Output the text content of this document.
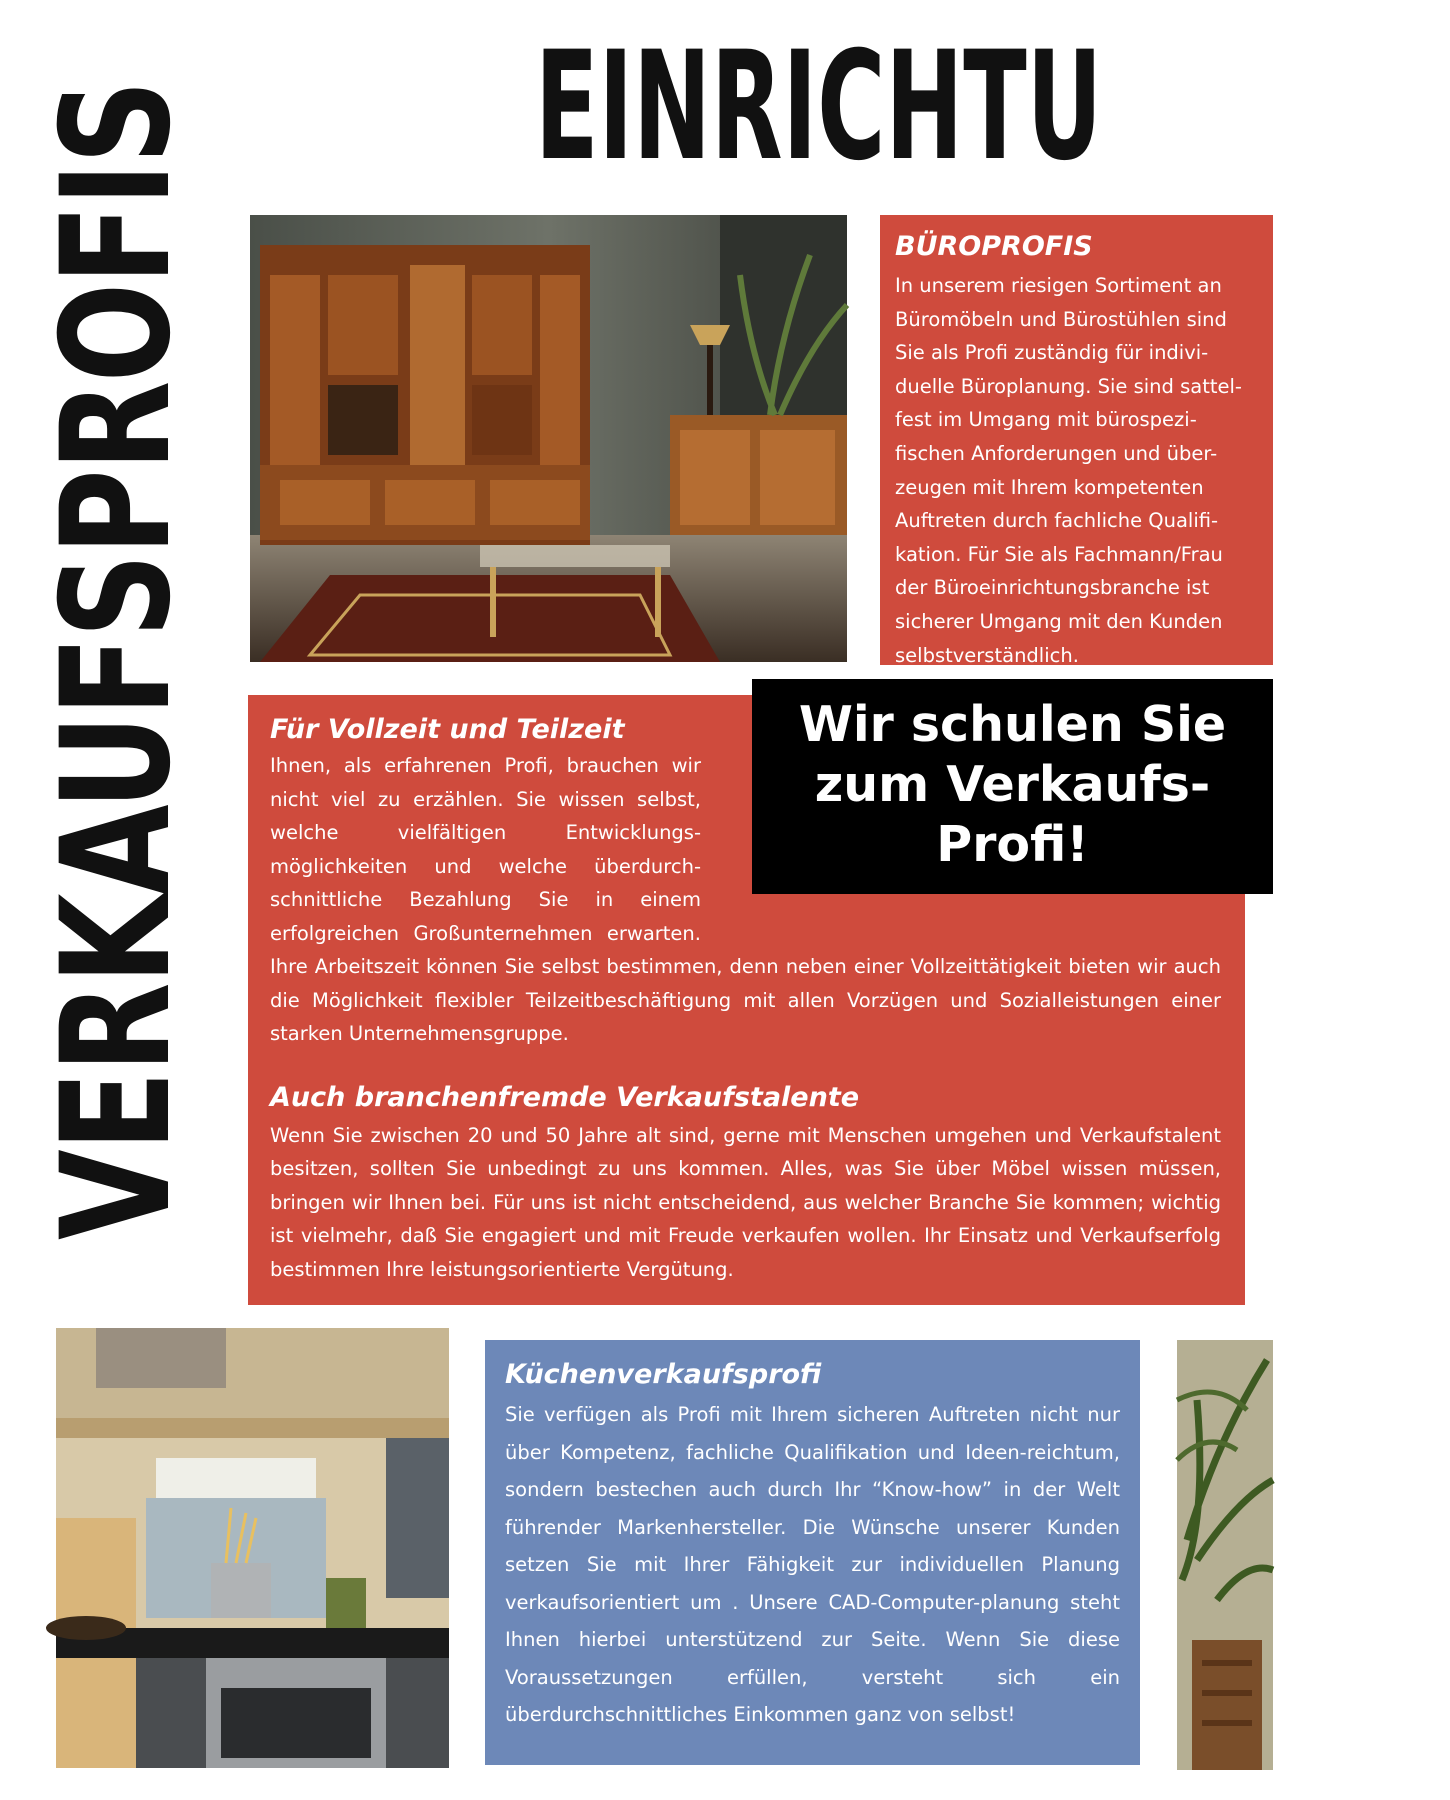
VERKAUFSPROFIS EINRICHTU
BÜROPROFIS

In unserem riesigen Sortiment an

Büromöbeln und Bürostühlen sind

Sie als Profi zuständig für indivi-

duelle Büroplanung. Sie sind sattel-

fest im Umgang mit bürospezi-

fischen Anforderungen und über-

zeugen mit Ihrem kompetenten

Auftreten durch fachliche Qualifi-

kation. Für Sie als Fachmann/Frau

der Büroeinrichtungsbranche ist

sicherer Umgang mit den Kunden

selbstverständlich.

Für Vollzeit und Teilzeit

Ihnen, als erfahrenen Profi, brauchen wir nicht viel zu erzählen. Sie wissen selbst, welche vielfältigen Entwicklungs-möglichkeiten und welche überdurch-schnittliche Bezahlung Sie in einem erfolgreichen Großunternehmen erwarten. Ihre Arbeitszeit können Sie selbst bestimmen, denn neben einer Vollzeittätigkeit bieten wir auch die Möglichkeit flexibler Teilzeitbeschäftigung mit allen Vorzügen und Sozialleistungen einer starken Unternehmensgruppe.

Auch branchenfremde Verkaufstalente

Wenn Sie zwischen 20 und 50 Jahre alt sind, gerne mit Menschen umgehen und Verkaufstalent besitzen, sollten Sie unbedingt zu uns kommen. Alles, was Sie über Möbel wissen müssen, bringen wir Ihnen bei. Für uns ist nicht entscheidend, aus welcher Branche Sie kommen; wichtig ist vielmehr, daß Sie engagiert und mit Freude verkaufen wollen. Ihr Einsatz und Verkaufserfolg bestimmen Ihre leistungsorientierte Vergütung.

Wir schulen Sie
zum Verkaufs-
Profi!
Küchenverkaufsprofi

Sie verfügen als Profi mit Ihrem sicheren Auftreten nicht nur über Kompetenz, fachliche Qualifikation und Ideen-reichtum, sondern bestechen auch durch Ihr “Know-how” in der Welt führender Markenhersteller. Die Wünsche unserer Kunden setzen Sie mit Ihrer Fähigkeit zur individuellen Planung verkaufsorientiert um . Unsere CAD-Computer-planung steht Ihnen hierbei unterstützend zur Seite. Wenn Sie diese Voraussetzungen erfüllen, versteht sich ein überdurchschnittliches Einkommen ganz von selbst!
